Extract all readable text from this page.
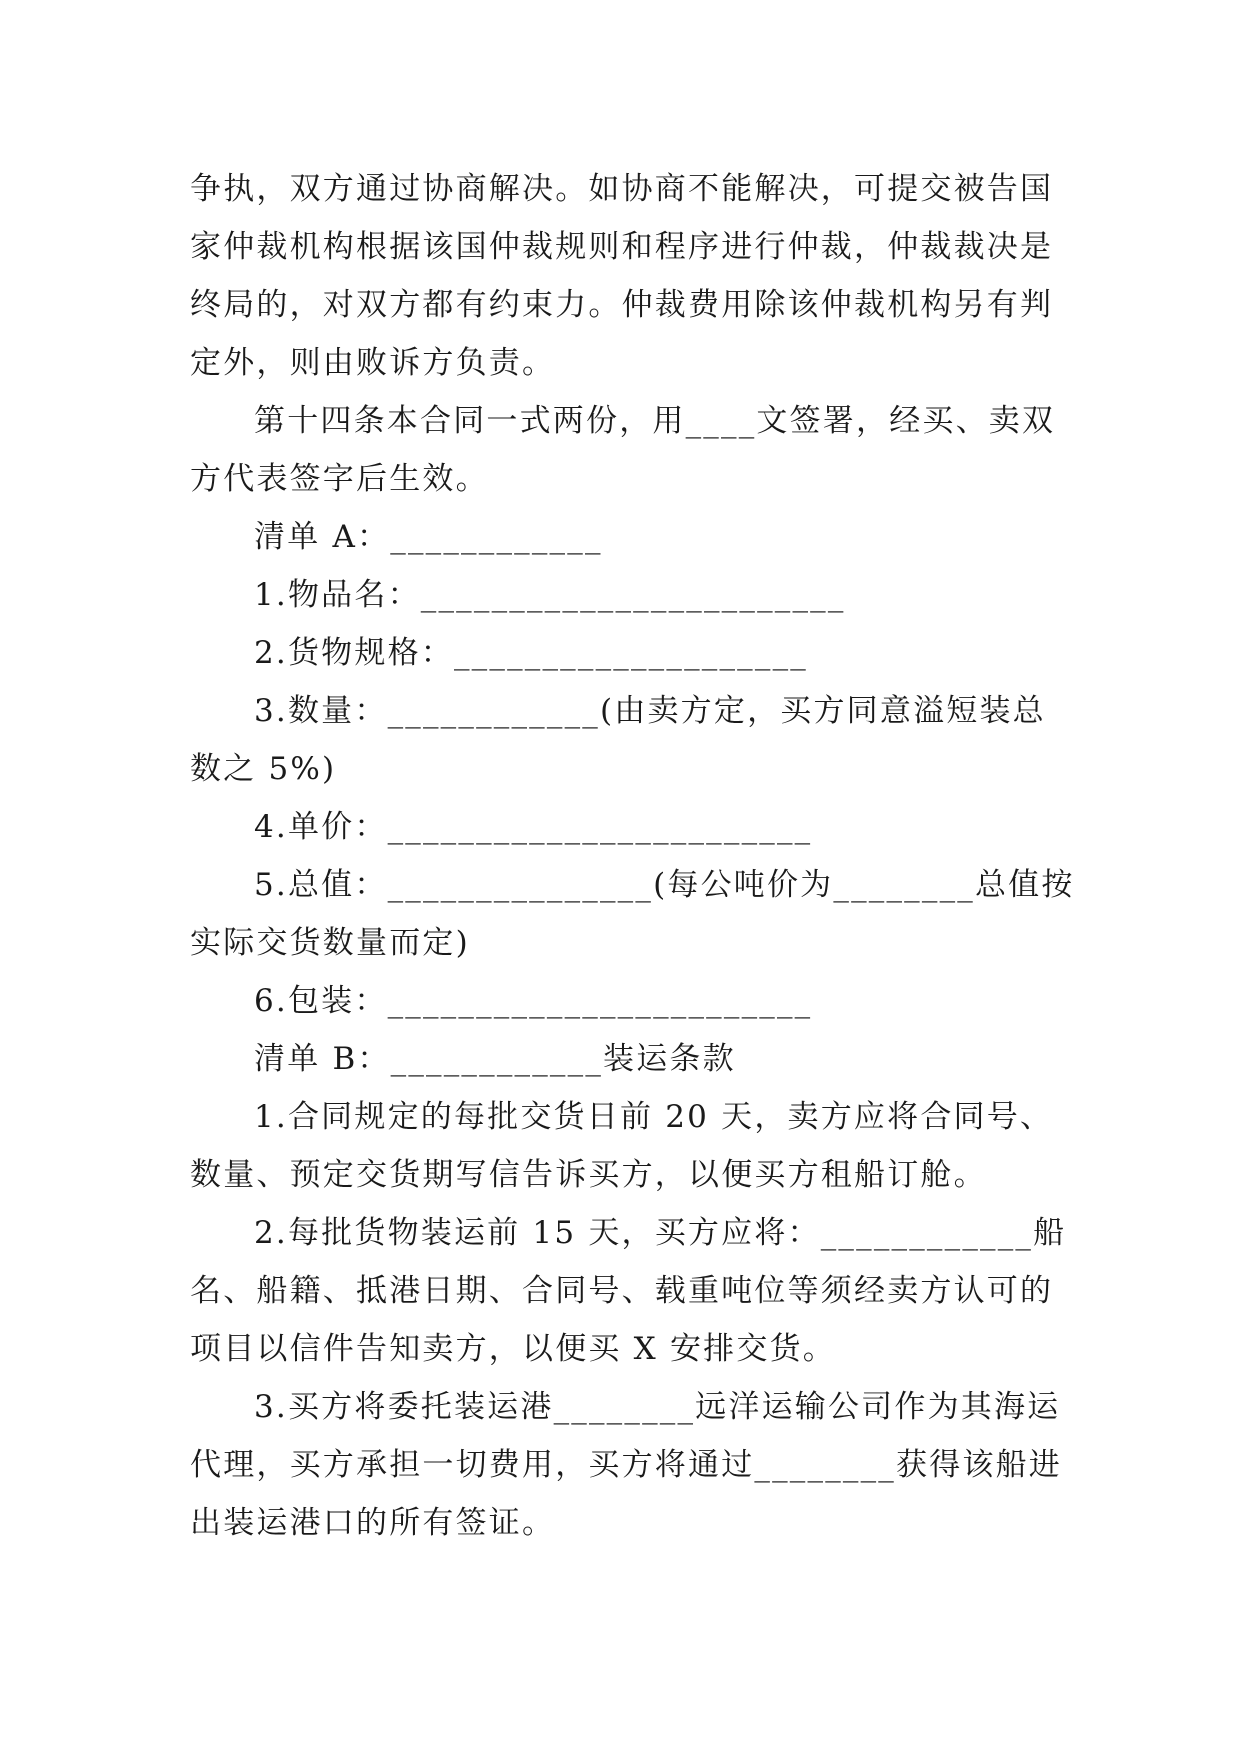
争执，双方通过协商解决。如协商不能解决，可提交被告国
家仲裁机构根据该国仲裁规则和程序进行仲裁，仲裁裁决是
终局的，对双方都有约束力。仲裁费用除该仲裁机构另有判
定外，则由败诉方负责。

第十四条本合同一式两份，用____文签署，经买、卖双
方代表签字后生效。

清单 A：____________

1.物品名：________________________

2.货物规格：____________________

3.数量：____________(由卖方定，买方同意溢短装总
数之 5%)

4.单价：________________________

5.总值：_______________(每公吨价为________总值按
实际交货数量而定)

6.包装：________________________

清单 B：____________装运条款

1.合同规定的每批交货日前 20 天，卖方应将合同号、
数量、预定交货期写信告诉买方，以便买方租船订舱。

2.每批货物装运前 15 天，买方应将：____________船
名、船籍、抵港日期、合同号、载重吨位等须经卖方认可的
项目以信件告知卖方，以便买 X 安排交货。

3.买方将委托装运港________远洋运输公司作为其海运
代理，买方承担一切费用，买方将通过________获得该船进
出装运港口的所有签证。
